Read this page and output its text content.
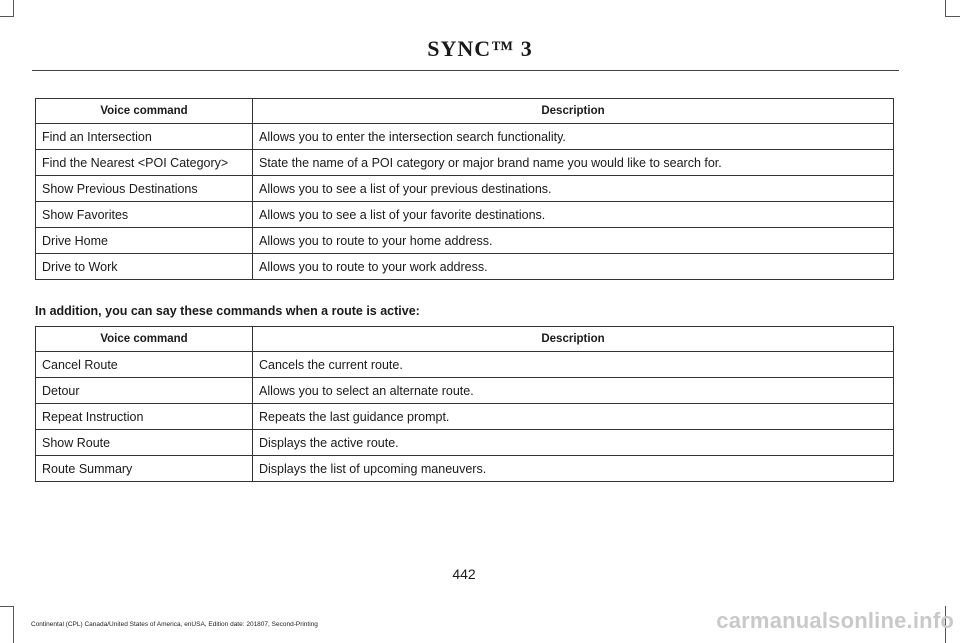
SYNC™ 3
Voice command	Description
Find an Intersection	Allows you to enter the intersection search functionality.
Find the Nearest <POI Category>	State the name of a POI category or major brand name you would like to search for.
Show Previous Destinations	Allows you to see a list of your previous destinations.
Show Favorites	Allows you to see a list of your favorite destinations.
Drive Home	Allows you to route to your home address.
Drive to Work	Allows you to route to your work address.
In addition, you can say these commands when a route is active:
Voice command	Description
Cancel Route	Cancels the current route.
Detour	Allows you to select an alternate route.
Repeat Instruction	Repeats the last guidance prompt.
Show Route	Displays the active route.
Route Summary	Displays the list of upcoming maneuvers.
442
Continental (CPL) Canada/United States of America, enUSA, Edition date: 201807, Second-Printing	carmanualsonline.info
